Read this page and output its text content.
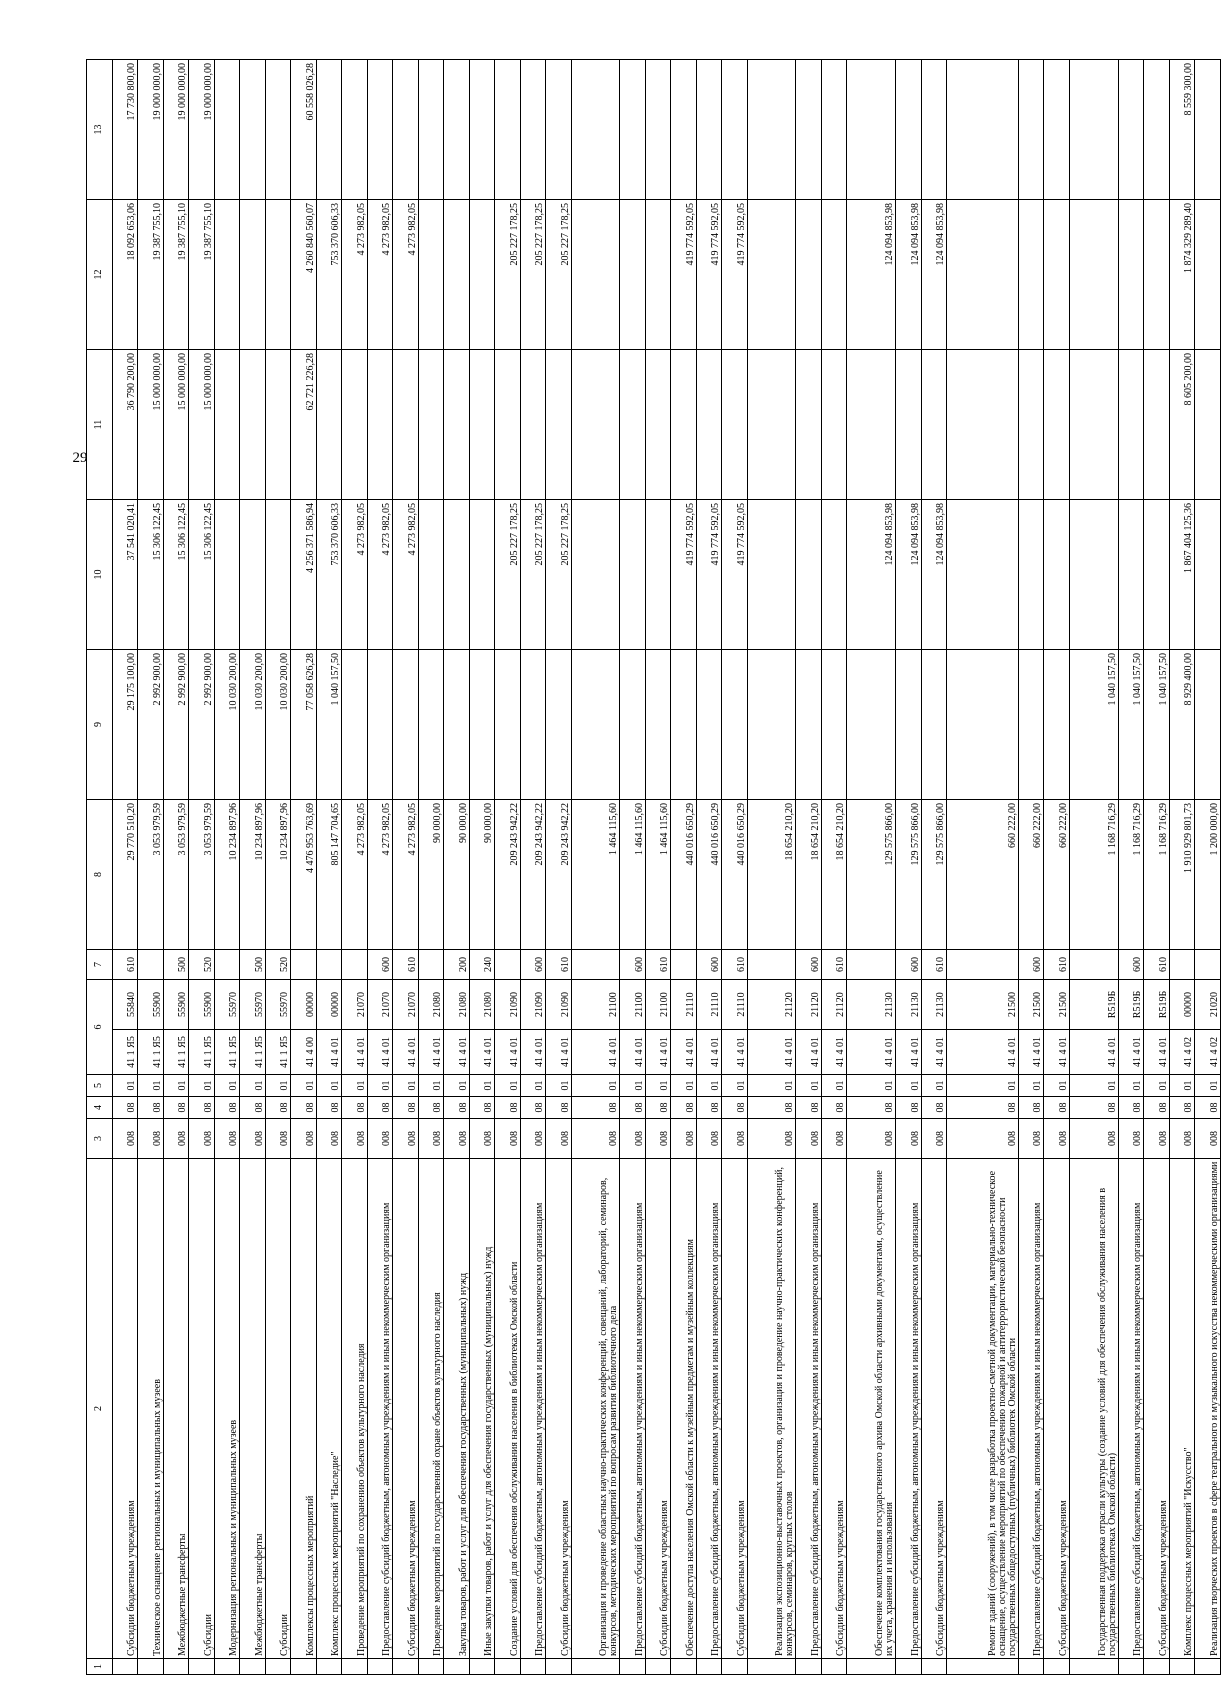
29
1	2	3	4	5	6		7	8	9	10	11	12	13
	Субсидии бюджетным учреждениям	008	08	01	41 1 Я5	55840	610	29 770 510,20	29 175 100,00	37 541 020,41	36 790 200,00	18 092 653,06	17 730 800,00
	Техническое оснащение региональных и муниципальных музеев	008	08	01	41 1 Я5	55900		3 053 979,59	2 992 900,00	15 306 122,45	15 000 000,00	19 387 755,10	19 000 000,00
	Межбюджетные трансферты	008	08	01	41 1 Я5	55900	500	3 053 979,59	2 992 900,00	15 306 122,45	15 000 000,00	19 387 755,10	19 000 000,00
	Субсидии	008	08	01	41 1 Я5	55900	520	3 053 979,59	2 992 900,00	15 306 122,45	15 000 000,00	19 387 755,10	19 000 000,00
	Модернизация региональных и муниципальных музеев	008	08	01	41 1 Я5	55970		10 234 897,96	10 030 200,00				
	Межбюджетные трансферты	008	08	01	41 1 Я5	55970	500	10 234 897,96	10 030 200,00				
	Субсидии	008	08	01	41 1 Я5	55970	520	10 234 897,96	10 030 200,00				
	Комплексы процессных мероприятий	008	08	01	41 4 00	00000		4 476 953 763,69	77 058 626,28	4 256 371 586,94	62 721 226,28	4 260 840 560,07	60 558 026,28
	Комплекс процессных мероприятий "Наследие"	008	08	01	41 4 01	00000		805 147 704,65	1 040 157,50	753 370 606,33		753 370 606,33	
	Проведение мероприятий по сохранению объектов культурного наследия	008	08	01	41 4 01	21070		4 273 982,05		4 273 982,05		4 273 982,05	
	Предоставление субсидий бюджетным, автономным учреждениям и иным некоммерческим организациям	008	08	01	41 4 01	21070	600	4 273 982,05		4 273 982,05		4 273 982,05	
	Субсидии бюджетным учреждениям	008	08	01	41 4 01	21070	610	4 273 982,05		4 273 982,05		4 273 982,05	
	Проведение мероприятий по государственной охране объектов культурного наследия	008	08	01	41 4 01	21080		90 000,00					
	Закупка товаров, работ и услуг для обеспечения государственных (муниципальных) нужд	008	08	01	41 4 01	21080	200	90 000,00					
	Иные закупки товаров, работ и услуг для обеспечения государственных (муниципальных) нужд	008	08	01	41 4 01	21080	240	90 000,00					
	Создание условий для обеспечения обслуживания населения в библиотеках Омской области	008	08	01	41 4 01	21090		209 243 942,22		205 227 178,25		205 227 178,25	
	Предоставление субсидий бюджетным, автономным учреждениям и иным некоммерческим организациям	008	08	01	41 4 01	21090	600	209 243 942,22		205 227 178,25		205 227 178,25	
	Субсидии бюджетным учреждениям	008	08	01	41 4 01	21090	610	209 243 942,22		205 227 178,25		205 227 178,25	
	Организация и проведение областных научно-практических конференций, совещаний, лабораторий, семинаров, конкурсов, методических мероприятий по вопросам развития библиотечного дела	008	08	01	41 4 01	21100		1 464 115,60					
	Предоставление субсидий бюджетным, автономным учреждениям и иным некоммерческим организациям	008	08	01	41 4 01	21100	600	1 464 115,60					
	Субсидии бюджетным учреждениям	008	08	01	41 4 01	21100	610	1 464 115,60					
	Обеспечение доступа населения Омской области к музейным предметам и музейным коллекциям	008	08	01	41 4 01	21110		440 016 650,29		419 774 592,05		419 774 592,05	
	Предоставление субсидий бюджетным, автономным учреждениям и иным некоммерческим организациям	008	08	01	41 4 01	21110	600	440 016 650,29		419 774 592,05		419 774 592,05	
	Субсидии бюджетным учреждениям	008	08	01	41 4 01	21110	610	440 016 650,29		419 774 592,05		419 774 592,05	
	Реализация экспозиционно-выставочных проектов, организация и проведение научно-практических конференций, конкурсов, семинаров, круглых столов	008	08	01	41 4 01	21120		18 654 210,20					
	Предоставление субсидий бюджетным, автономным учреждениям и иным некоммерческим организациям	008	08	01	41 4 01	21120	600	18 654 210,20					
	Субсидии бюджетным учреждениям	008	08	01	41 4 01	21120	610	18 654 210,20					
	Обеспечение комплектования государственного архива Омской области архивными документами, осуществление их учета, хранения и использования	008	08	01	41 4 01	21130		129 575 866,00		124 094 853,98		124 094 853,98	
	Предоставление субсидий бюджетным, автономным учреждениям и иным некоммерческим организациям	008	08	01	41 4 01	21130	600	129 575 866,00		124 094 853,98		124 094 853,98	
	Субсидии бюджетным учреждениям	008	08	01	41 4 01	21130	610	129 575 866,00		124 094 853,98		124 094 853,98	
	Ремонт зданий (сооружений), в том числе разработка проектно-сметной документации, материально-техническое оснащение, осуществление мероприятий по обеспечению пожарной и антитеррористической безопасности государственных общедоступных (публичных) библиотек Омской области	008	08	01	41 4 01	21500		660 222,00					
	Предоставление субсидий бюджетным, автономным учреждениям и иным некоммерческим организациям	008	08	01	41 4 01	21500	600	660 222,00					
	Субсидии бюджетным учреждениям	008	08	01	41 4 01	21500	610	660 222,00					
	Государственная поддержка отрасли культуры (создание условий для обеспечения обслуживания населения в государственных библиотеках Омской области)	008	08	01	41 4 01	R519Б		1 168 716,29	1 040 157,50				
	Предоставление субсидий бюджетным, автономным учреждениям и иным некоммерческим организациям	008	08	01	41 4 01	R519Б	600	1 168 716,29	1 040 157,50				
	Субсидии бюджетным учреждениям	008	08	01	41 4 01	R519Б	610	1 168 716,29	1 040 157,50				
	Комплекс процессных мероприятий "Искусство"	008	08	01	41 4 02	00000		1 910 929 801,73	8 929 400,00	1 867 404 125,36	8 605 200,00	1 874 329 289,40	8 559 300,00
	Реализация творческих проектов в сфере театрального и музыкального искусства некоммерческими организациями	008	08	01	41 4 02	21020		1 200 000,00					
